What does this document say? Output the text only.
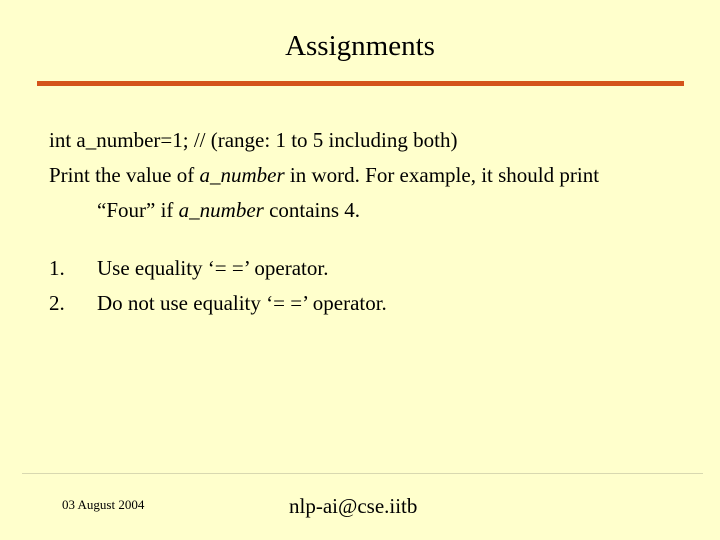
Assignments

int a_number=1; // (range: 1 to 5 including both)

Print the value of a_number in word. For example, it should print

“Four” if a_number contains 4.

1.	Use equality ‘= =’ operator.
2.	Do not use equality ‘= =’ operator.
03 August 2004	nlp-ai@cse.iitb
